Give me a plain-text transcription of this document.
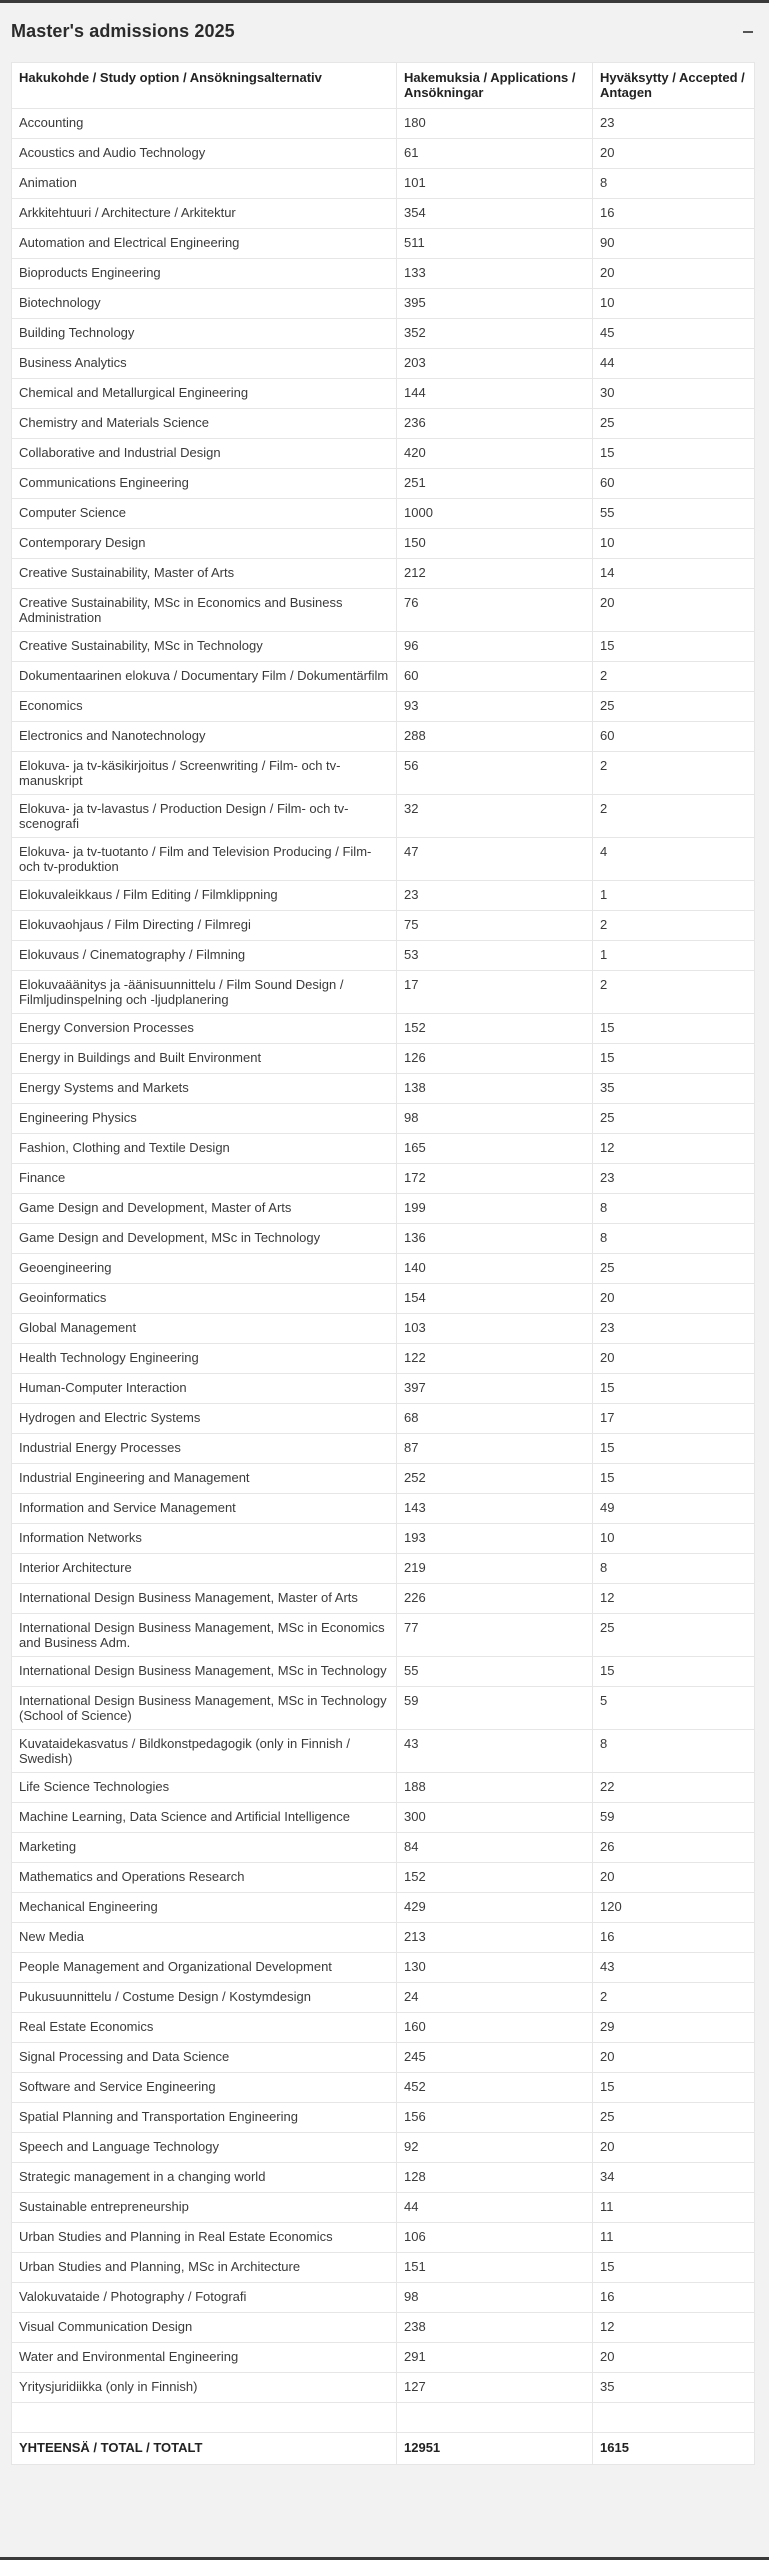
Master's admissions 2025
Hakukohde / Study option / Ansökningsalternativ	Hakemuksia / Applications / Ansökningar	Hyväksytty / Accepted / Antagen
Accounting	180	23
Acoustics and Audio Technology	61	20
Animation	101	8
Arkkitehtuuri / Architecture / Arkitektur	354	16
Automation and Electrical Engineering	511	90
Bioproducts Engineering	133	20
Biotechnology	395	10
Building Technology	352	45
Business Analytics	203	44
Chemical and Metallurgical Engineering	144	30
Chemistry and Materials Science	236	25
Collaborative and Industrial Design	420	15
Communications Engineering	251	60
Computer Science	1000	55
Contemporary Design	150	10
Creative Sustainability, Master of Arts	212	14
Creative Sustainability, MSc in Economics and Business Administration	76	20
Creative Sustainability, MSc in Technology	96	15
Dokumentaarinen elokuva / Documentary Film / Dokumentärfilm	60	2
Economics	93	25
Electronics and Nanotechnology	288	60
Elokuva- ja tv-käsikirjoitus / Screenwriting / Film- och tv-manuskript	56	2
Elokuva- ja tv-lavastus / Production Design / Film- och tv-scenografi	32	2
Elokuva- ja tv-tuotanto / Film and Television Producing / Film- och tv-produktion	47	4
Elokuvaleikkaus / Film Editing / Filmklippning	23	1
Elokuvaohjaus / Film Directing / Filmregi	75	2
Elokuvaus / Cinematography / Filmning	53	1
Elokuvaäänitys ja -äänisuunnittelu / Film Sound Design / Filmljudinspelning och -ljudplanering	17	2
Energy Conversion Processes	152	15
Energy in Buildings and Built Environment	126	15
Energy Systems and Markets	138	35
Engineering Physics	98	25
Fashion, Clothing and Textile Design	165	12
Finance	172	23
Game Design and Development, Master of Arts	199	8
Game Design and Development, MSc in Technology	136	8
Geoengineering	140	25
Geoinformatics	154	20
Global Management	103	23
Health Technology Engineering	122	20
Human-Computer Interaction	397	15
Hydrogen and Electric Systems	68	17
Industrial Energy Processes	87	15
Industrial Engineering and Management	252	15
Information and Service Management	143	49
Information Networks	193	10
Interior Architecture	219	8
International Design Business Management, Master of Arts	226	12
International Design Business Management, MSc in Economics and Business Adm.	77	25
International Design Business Management, MSc in Technology	55	15
International Design Business Management, MSc in Technology (School of Science)	59	5
Kuvataidekasvatus / Bildkonstpedagogik (only in Finnish / Swedish)	43	8
Life Science Technologies	188	22
Machine Learning, Data Science and Artificial Intelligence	300	59
Marketing	84	26
Mathematics and Operations Research	152	20
Mechanical Engineering	429	120
New Media	213	16
People Management and Organizational Development	130	43
Pukusuunnittelu / Costume Design / Kostymdesign	24	2
Real Estate Economics	160	29
Signal Processing and Data Science	245	20
Software and Service Engineering	452	15
Spatial Planning and Transportation Engineering	156	25
Speech and Language Technology	92	20
Strategic management in a changing world	128	34
Sustainable entrepreneurship	44	11
Urban Studies and Planning in Real Estate Economics	106	11
Urban Studies and Planning, MSc in Architecture	151	15
Valokuvataide / Photography / Fotografi	98	16
Visual Communication Design	238	12
Water and Environmental Engineering	291	20
Yritysjuridiikka (only in Finnish)	127	35

YHTEENSÄ / TOTAL / TOTALT	12951	1615
